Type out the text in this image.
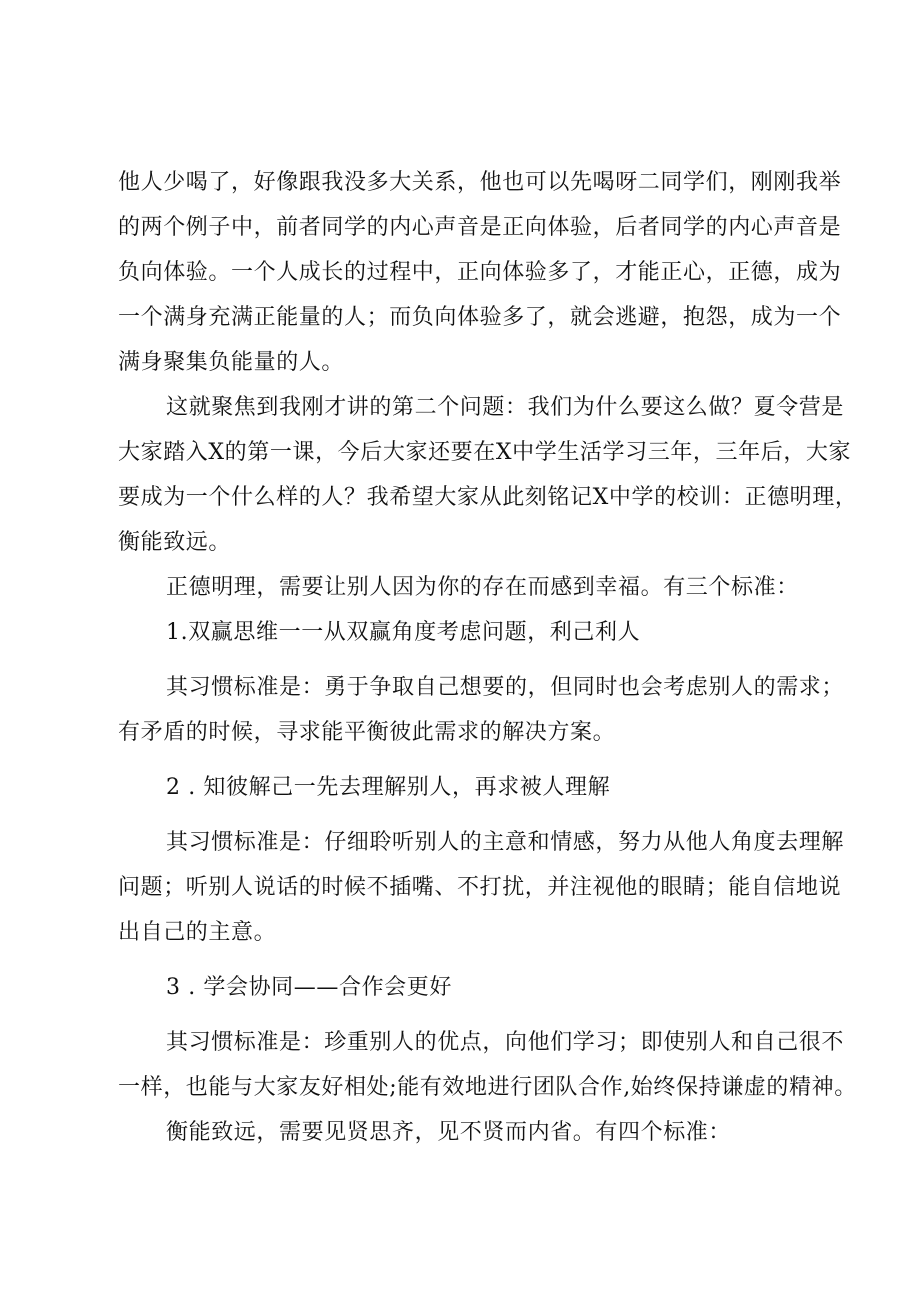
他人少喝了，好像跟我没多大关系，他也可以先喝呀二同学们，刚刚我举
的两个例子中，前者同学的内心声音是正向体验，后者同学的内心声音是
负向体验。一个人成长的过程中，正向体验多了，才能正心，正德，成为
一个满身充满正能量的人；而负向体验多了，就会逃避，抱怨，成为一个
满身聚集负能量的人。
这就聚焦到我刚才讲的第二个问题：我们为什么要这么做？夏令营是
大家踏入X的第一课，今后大家还要在X中学生活学习三年，三年后，大家
要成为一个什么样的人？我希望大家从此刻铭记X中学的校训：正德明理，
衡能致远。
正德明理，需要让别人因为你的存在而感到幸福。有三个标准：
1.双赢思维一一从双赢角度考虑问题，利己利人
其习惯标准是：勇于争取自己想要的，但同时也会考虑别人的需求；
有矛盾的时候，寻求能平衡彼此需求的解决方案。
2 . 知彼解己一先去理解别人，再求被人理解
其习惯标准是：仔细聆听别人的主意和情感，努力从他人角度去理解
问题；听别人说话的时候不插嘴、不打扰，并注视他的眼睛；能自信地说
出自己的主意。
3 . 学会协同——合作会更好
其习惯标准是：珍重别人的优点，向他们学习；即使别人和自己很不
一样，也能与大家友好相处;能有效地进行团队合作,始终保持谦虚的精神。
衡能致远，需要见贤思齐，见不贤而内省。有四个标准：
